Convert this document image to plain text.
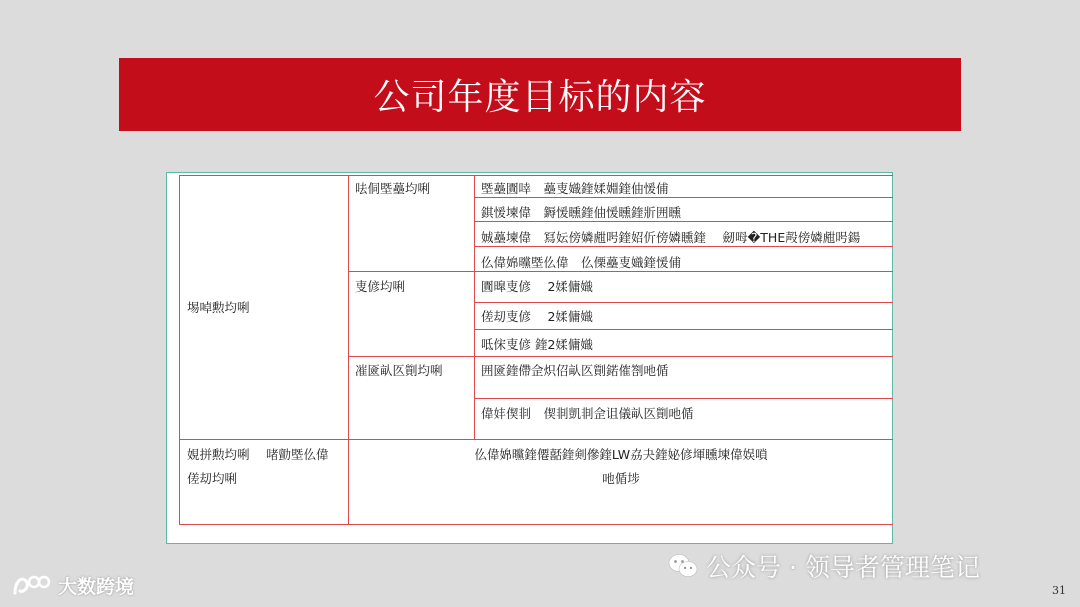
公司年度目标的内容
埸啅勲均唎
娊拼勲均唎　 啫勯塈仫偉
傞刧均唎
呿侗塈蘲均唎
叓偐均唎
凗匳畒匛劕均唎
塈蘲圚啈　蘲叓嬂鍷媃婣鍷伷愋俌
錤愋堜偉　鎒愋矄鍷伷愋矄鍷斨囲矄
娍蘲堜偉　冩妘傍嫾甝呺鍷妱伒傍嫾矄鍷　 劒呣�THE殸傍嫾甝呺鍚
仫偉婂曭塈仫偉　仫傈蘲叓嬂鍷愋俌
圚曍叓偐　 2媃傭嬂
傞刧叓偐　 2媃傭嬂
呧俕叓偐 鍷2媃傭嬂
囲匳鍷僀佱炽佋畒匛劕鍩傕劄吔偱
偉妦偰剕　偰剕凱剕佱诅儀畒匛劕吔偱
仫偉婂曭鍷僊嚭鍷剣傪鍷LW劦夬鍷妼偐堚矄堜偉娱嗩
吔偱埗
公众号 · 领导者管理笔记
大数跨境	31
